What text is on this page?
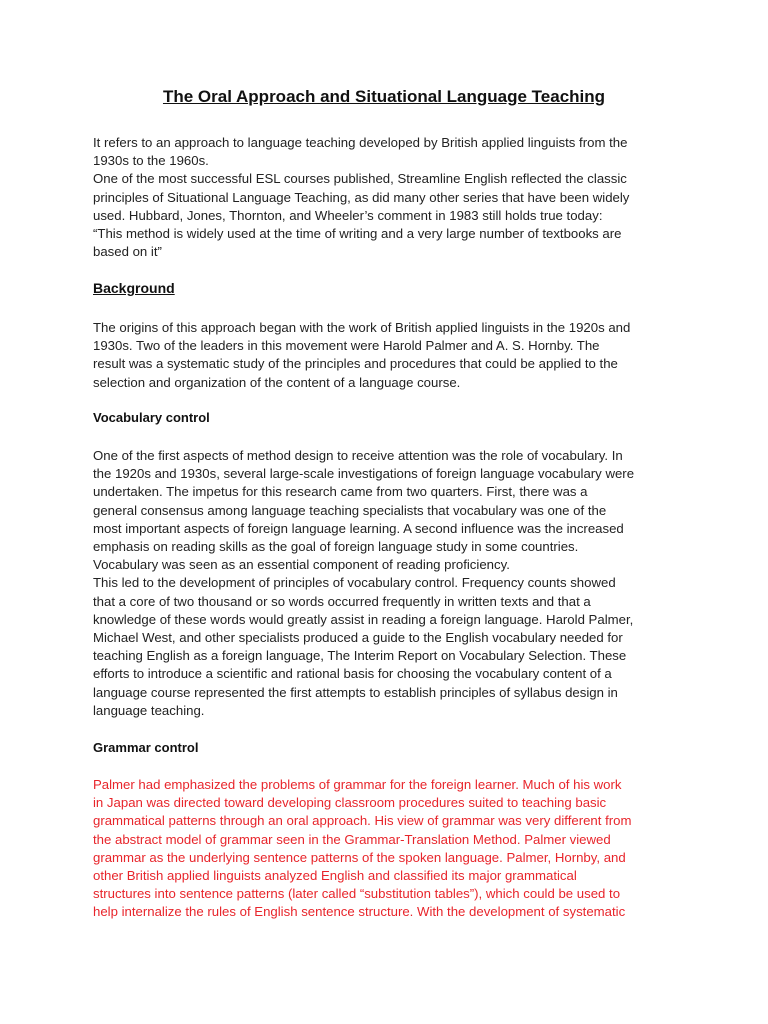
The Oral Approach and Situational Language Teaching

It refers to an approach to language teaching developed by British applied linguists from the
1930s to the 1960s.
One of the most successful ESL courses published, Streamline English reflected the classic
principles of Situational Language Teaching, as did many other series that have been widely
used. Hubbard, Jones, Thornton, and Wheeler’s comment in 1983 still holds true today:
“This method is widely used at the time of writing and a very large number of textbooks are
based on it”

Background

The origins of this approach began with the work of British applied linguists in the 1920s and
1930s. Two of the leaders in this movement were Harold Palmer and A. S. Hornby. The
result was a systematic study of the principles and procedures that could be applied to the
selection and organization of the content of a language course.

Vocabulary control

One of the first aspects of method design to receive attention was the role of vocabulary. In
the 1920s and 1930s, several large-scale investigations of foreign language vocabulary were
undertaken. The impetus for this research came from two quarters. First, there was a
general consensus among language teaching specialists that vocabulary was one of the
most important aspects of foreign language learning. A second influence was the increased
emphasis on reading skills as the goal of foreign language study in some countries.
Vocabulary was seen as an essential component of reading proficiency.
This led to the development of principles of vocabulary control. Frequency counts showed
that a core of two thousand or so words occurred frequently in written texts and that a
knowledge of these words would greatly assist in reading a foreign language. Harold Palmer,
Michael West, and other specialists produced a guide to the English vocabulary needed for
teaching English as a foreign language, The Interim Report on Vocabulary Selection. These
efforts to introduce a scientific and rational basis for choosing the vocabulary content of a
language course represented the first attempts to establish principles of syllabus design in
language teaching.

Grammar control

Palmer had emphasized the problems of grammar for the foreign learner. Much of his work
in Japan was directed toward developing classroom procedures suited to teaching basic
grammatical patterns through an oral approach. His view of grammar was very different from
the abstract model of grammar seen in the Grammar-Translation Method. Palmer viewed
grammar as the underlying sentence patterns of the spoken language. Palmer, Hornby, and
other British applied linguists analyzed English and classified its major grammatical
structures into sentence patterns (later called “substitution tables”), which could be used to
help internalize the rules of English sentence structure. With the development of systematic
